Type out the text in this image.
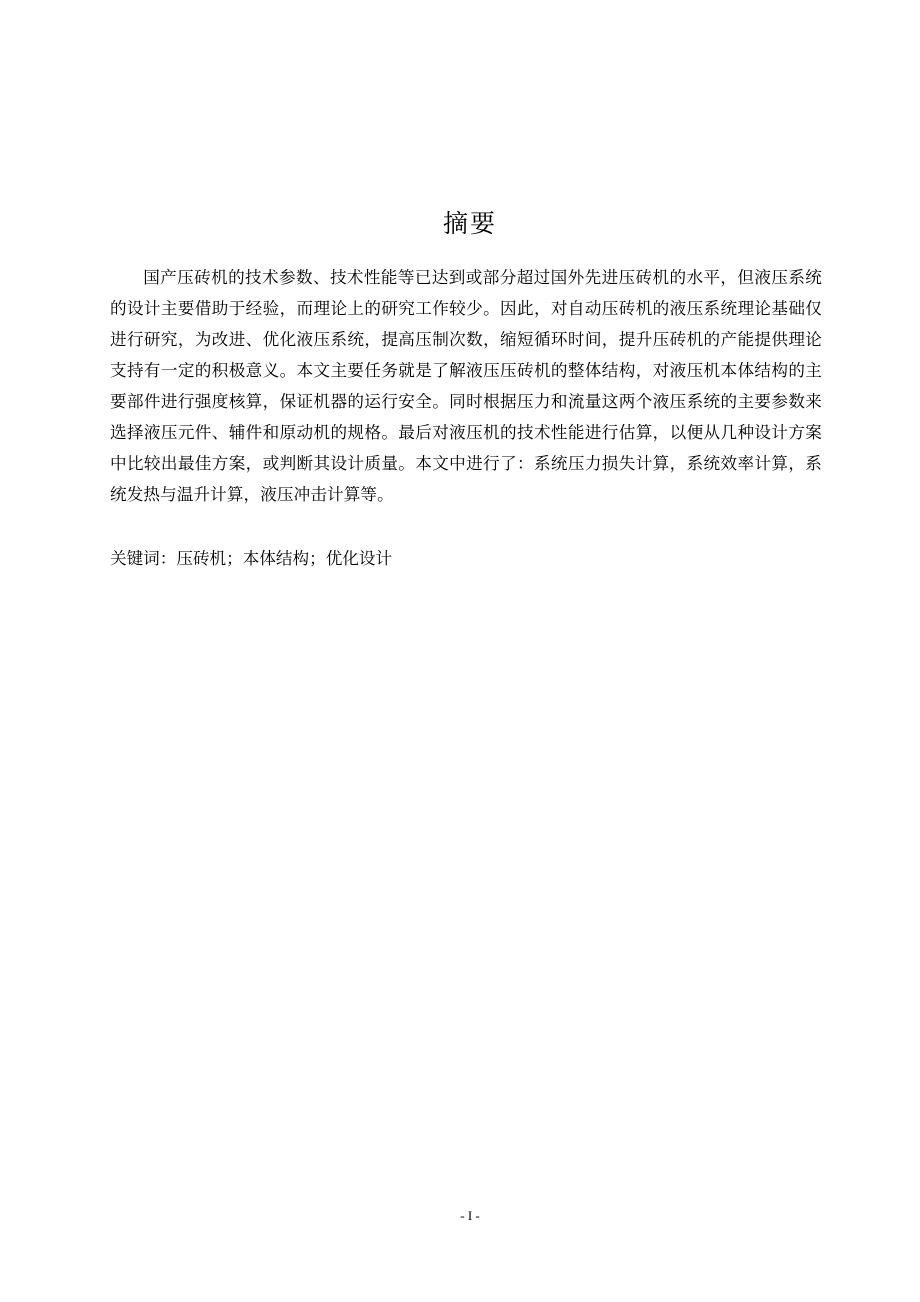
摘要

国产压砖机的技术参数、技术性能等已达到或部分超过国外先进压砖机的水平，但液压系统的设计主要借助于经验，而理论上的研究工作较少。因此，对自动压砖机的液压系统理论基础仅进行研究，为改进、优化液压系统，提高压制次数，缩短循环时间，提升压砖机的产能提供理论支持有一定的积极意义。本文主要任务就是了解液压压砖机的整体结构，对液压机本体结构的主要部件进行强度核算，保证机器的运行安全。同时根据压力和流量这两个液压系统的主要参数来选择液压元件、辅件和原动机的规格。最后对液压机的技术性能进行估算，以便从几种设计方案中比较出最佳方案，或判断其设计质量。本文中进行了：系统压力损失计算，系统效率计算，系统发热与温升计算，液压冲击计算等。

关键词：压砖机；本体结构；优化设计

- I -
